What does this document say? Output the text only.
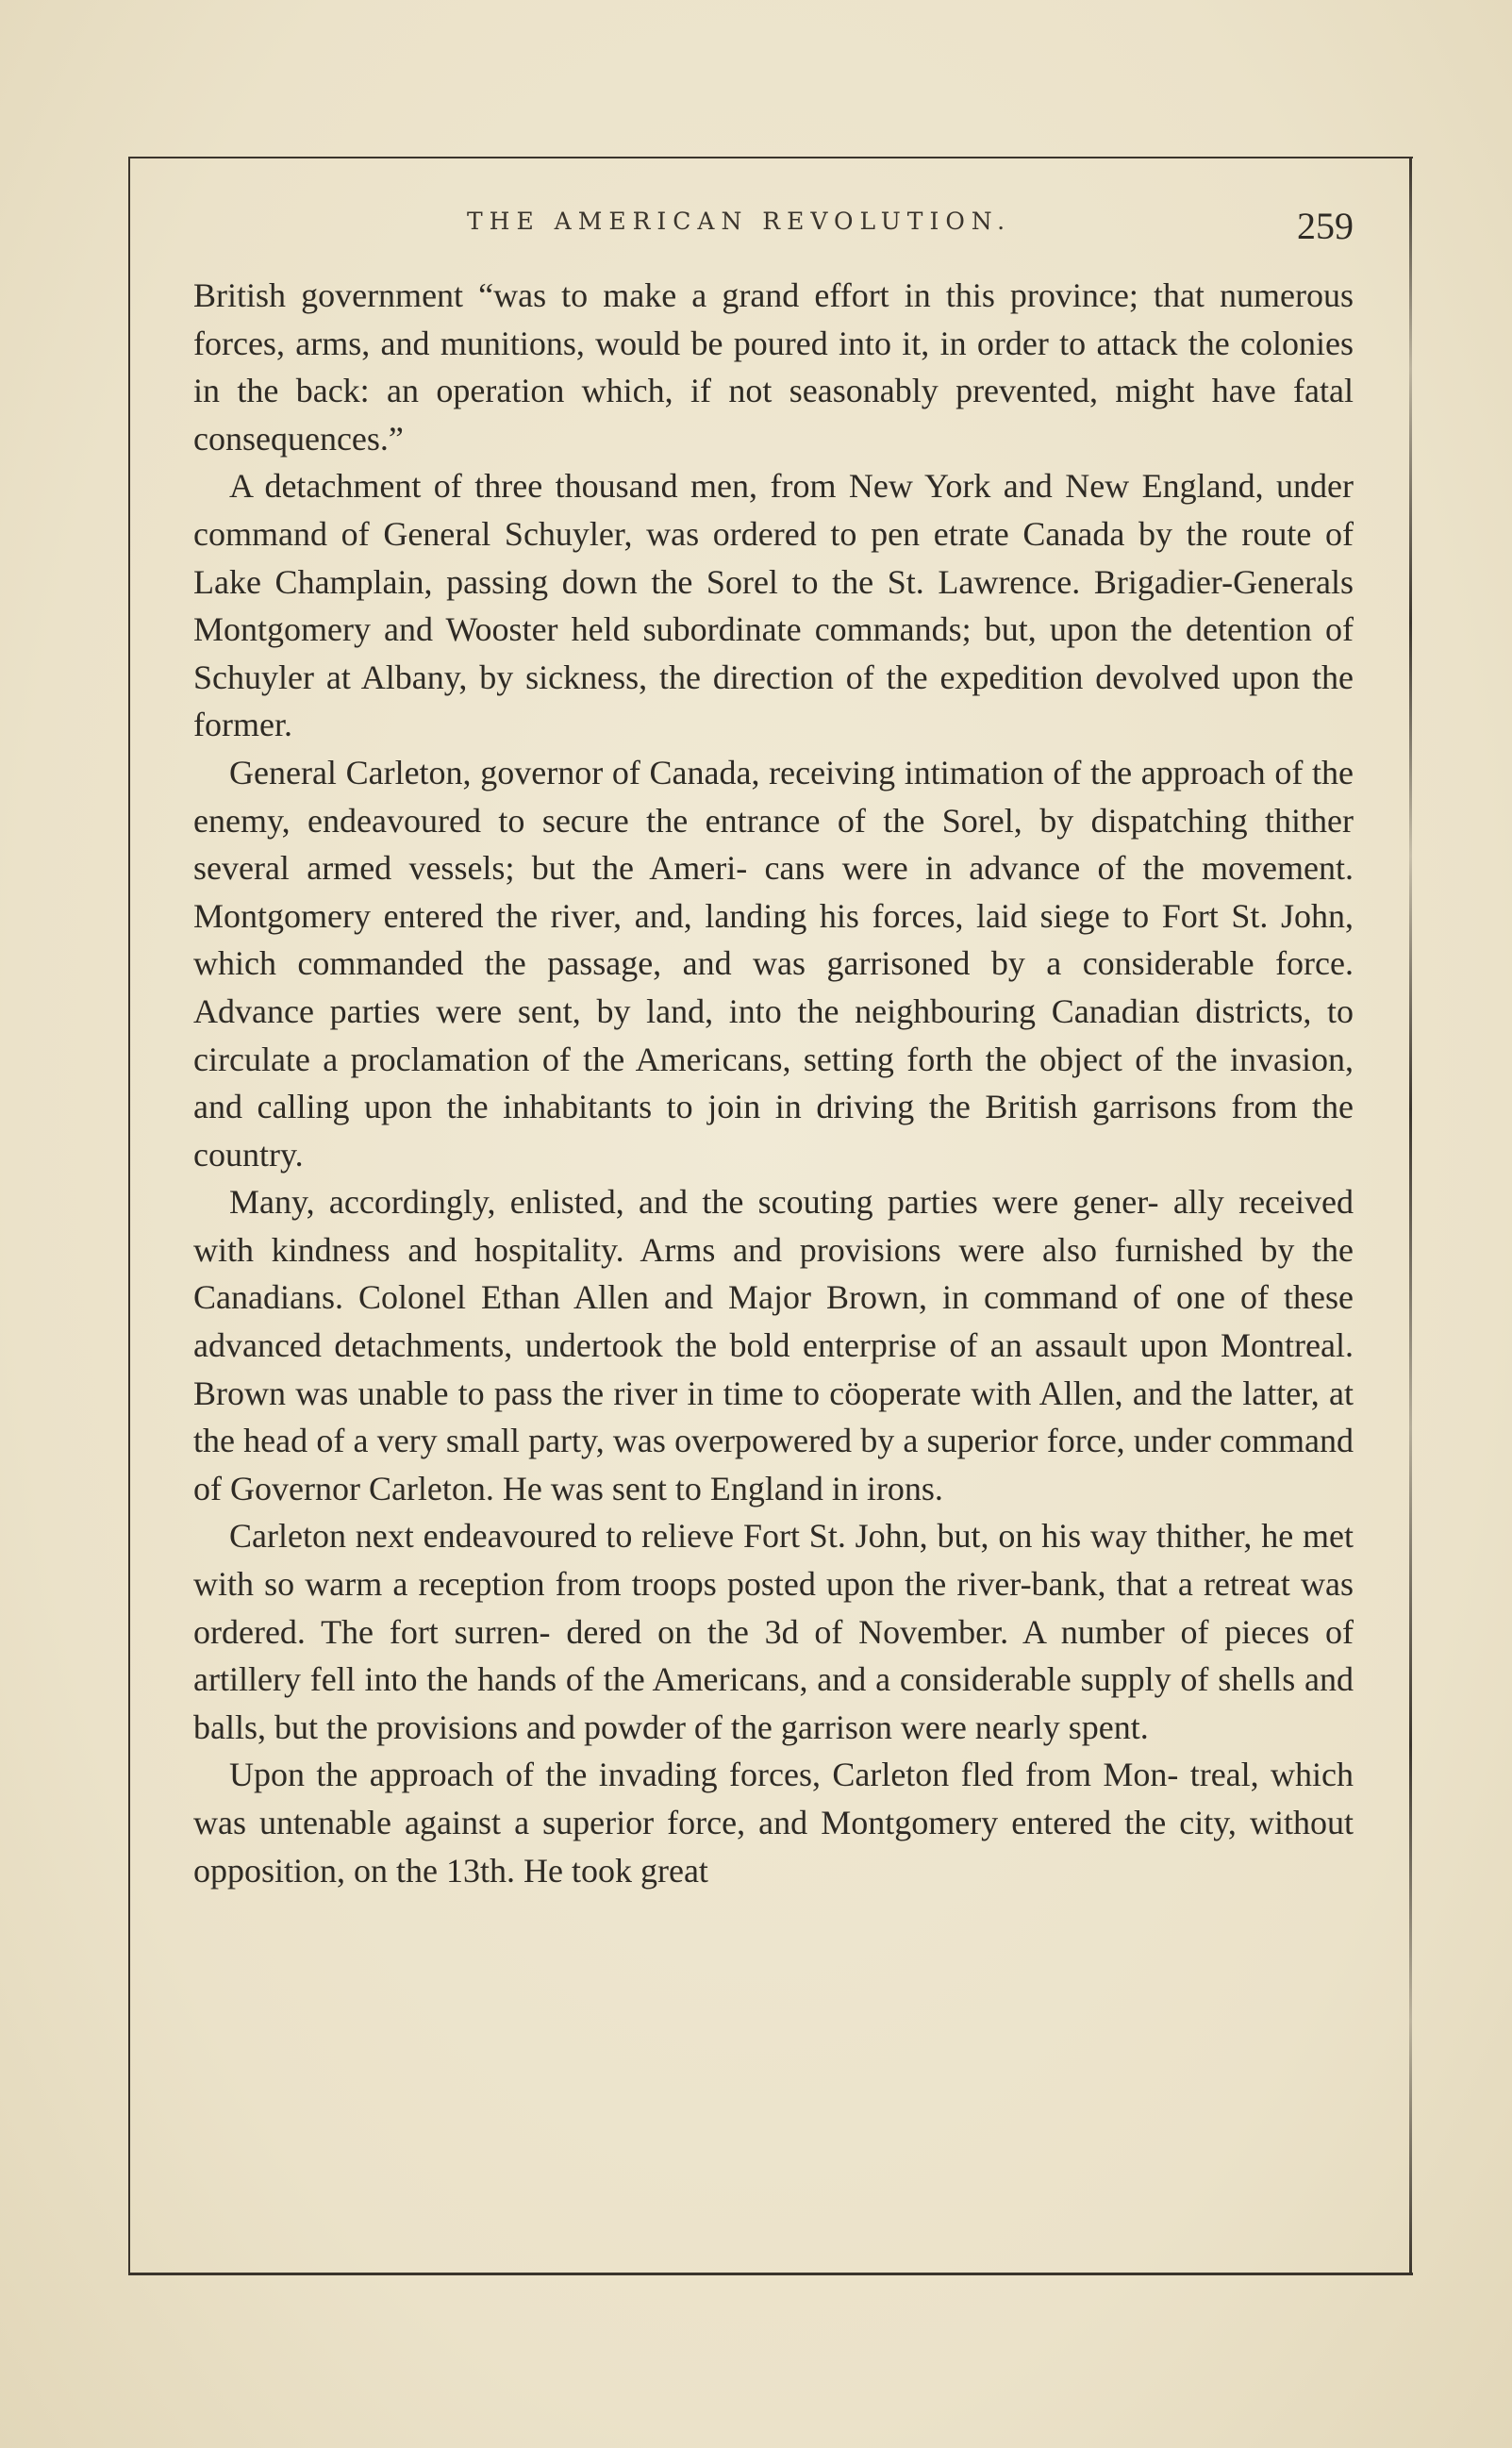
THE AMERICAN REVOLUTION.	259

British government “was to make a grand effort in this province; that numerous forces, arms, and munitions, would be poured into it, in order to attack the colonies in the back: an operation which, if not seasonably prevented, might have fatal consequences.”

A detachment of three thousand men, from New York and New England, under command of General Schuyler, was ordered to pen etrate Canada by the route of Lake Champlain, passing down the Sorel to the St. Lawrence. Brigadier-Generals Montgomery and Wooster held subordinate commands; but, upon the detention of Schuyler at Albany, by sickness, the direction of the expedition devolved upon the former.

General Carleton, governor of Canada, receiving intimation of the approach of the enemy, endeavoured to secure the entrance of the Sorel, by dispatching thither several armed vessels; but the Ameri- cans were in advance of the movement. Montgomery entered the river, and, landing his forces, laid siege to Fort St. John, which commanded the passage, and was garrisoned by a considerable force. Advance parties were sent, by land, into the neighbouring Canadian districts, to circulate a proclamation of the Americans, setting forth the object of the invasion, and calling upon the inhabitants to join in driving the British garrisons from the country.

Many, accordingly, enlisted, and the scouting parties were gener- ally received with kindness and hospitality. Arms and provisions were also furnished by the Canadians. Colonel Ethan Allen and Major Brown, in command of one of these advanced detachments, undertook the bold enterprise of an assault upon Montreal. Brown was unable to pass the river in time to cöoperate with Allen, and the latter, at the head of a very small party, was overpowered by a superior force, under command of Governor Carleton. He was sent to England in irons.

Carleton next endeavoured to relieve Fort St. John, but, on his way thither, he met with so warm a reception from troops posted upon the river-bank, that a retreat was ordered. The fort surren- dered on the 3d of November. A number of pieces of artillery fell into the hands of the Americans, and a considerable supply of shells and balls, but the provisions and powder of the garrison were nearly spent.

Upon the approach of the invading forces, Carleton fled from Mon- treal, which was untenable against a superior force, and Montgomery entered the city, without opposition, on the 13th. He took great
